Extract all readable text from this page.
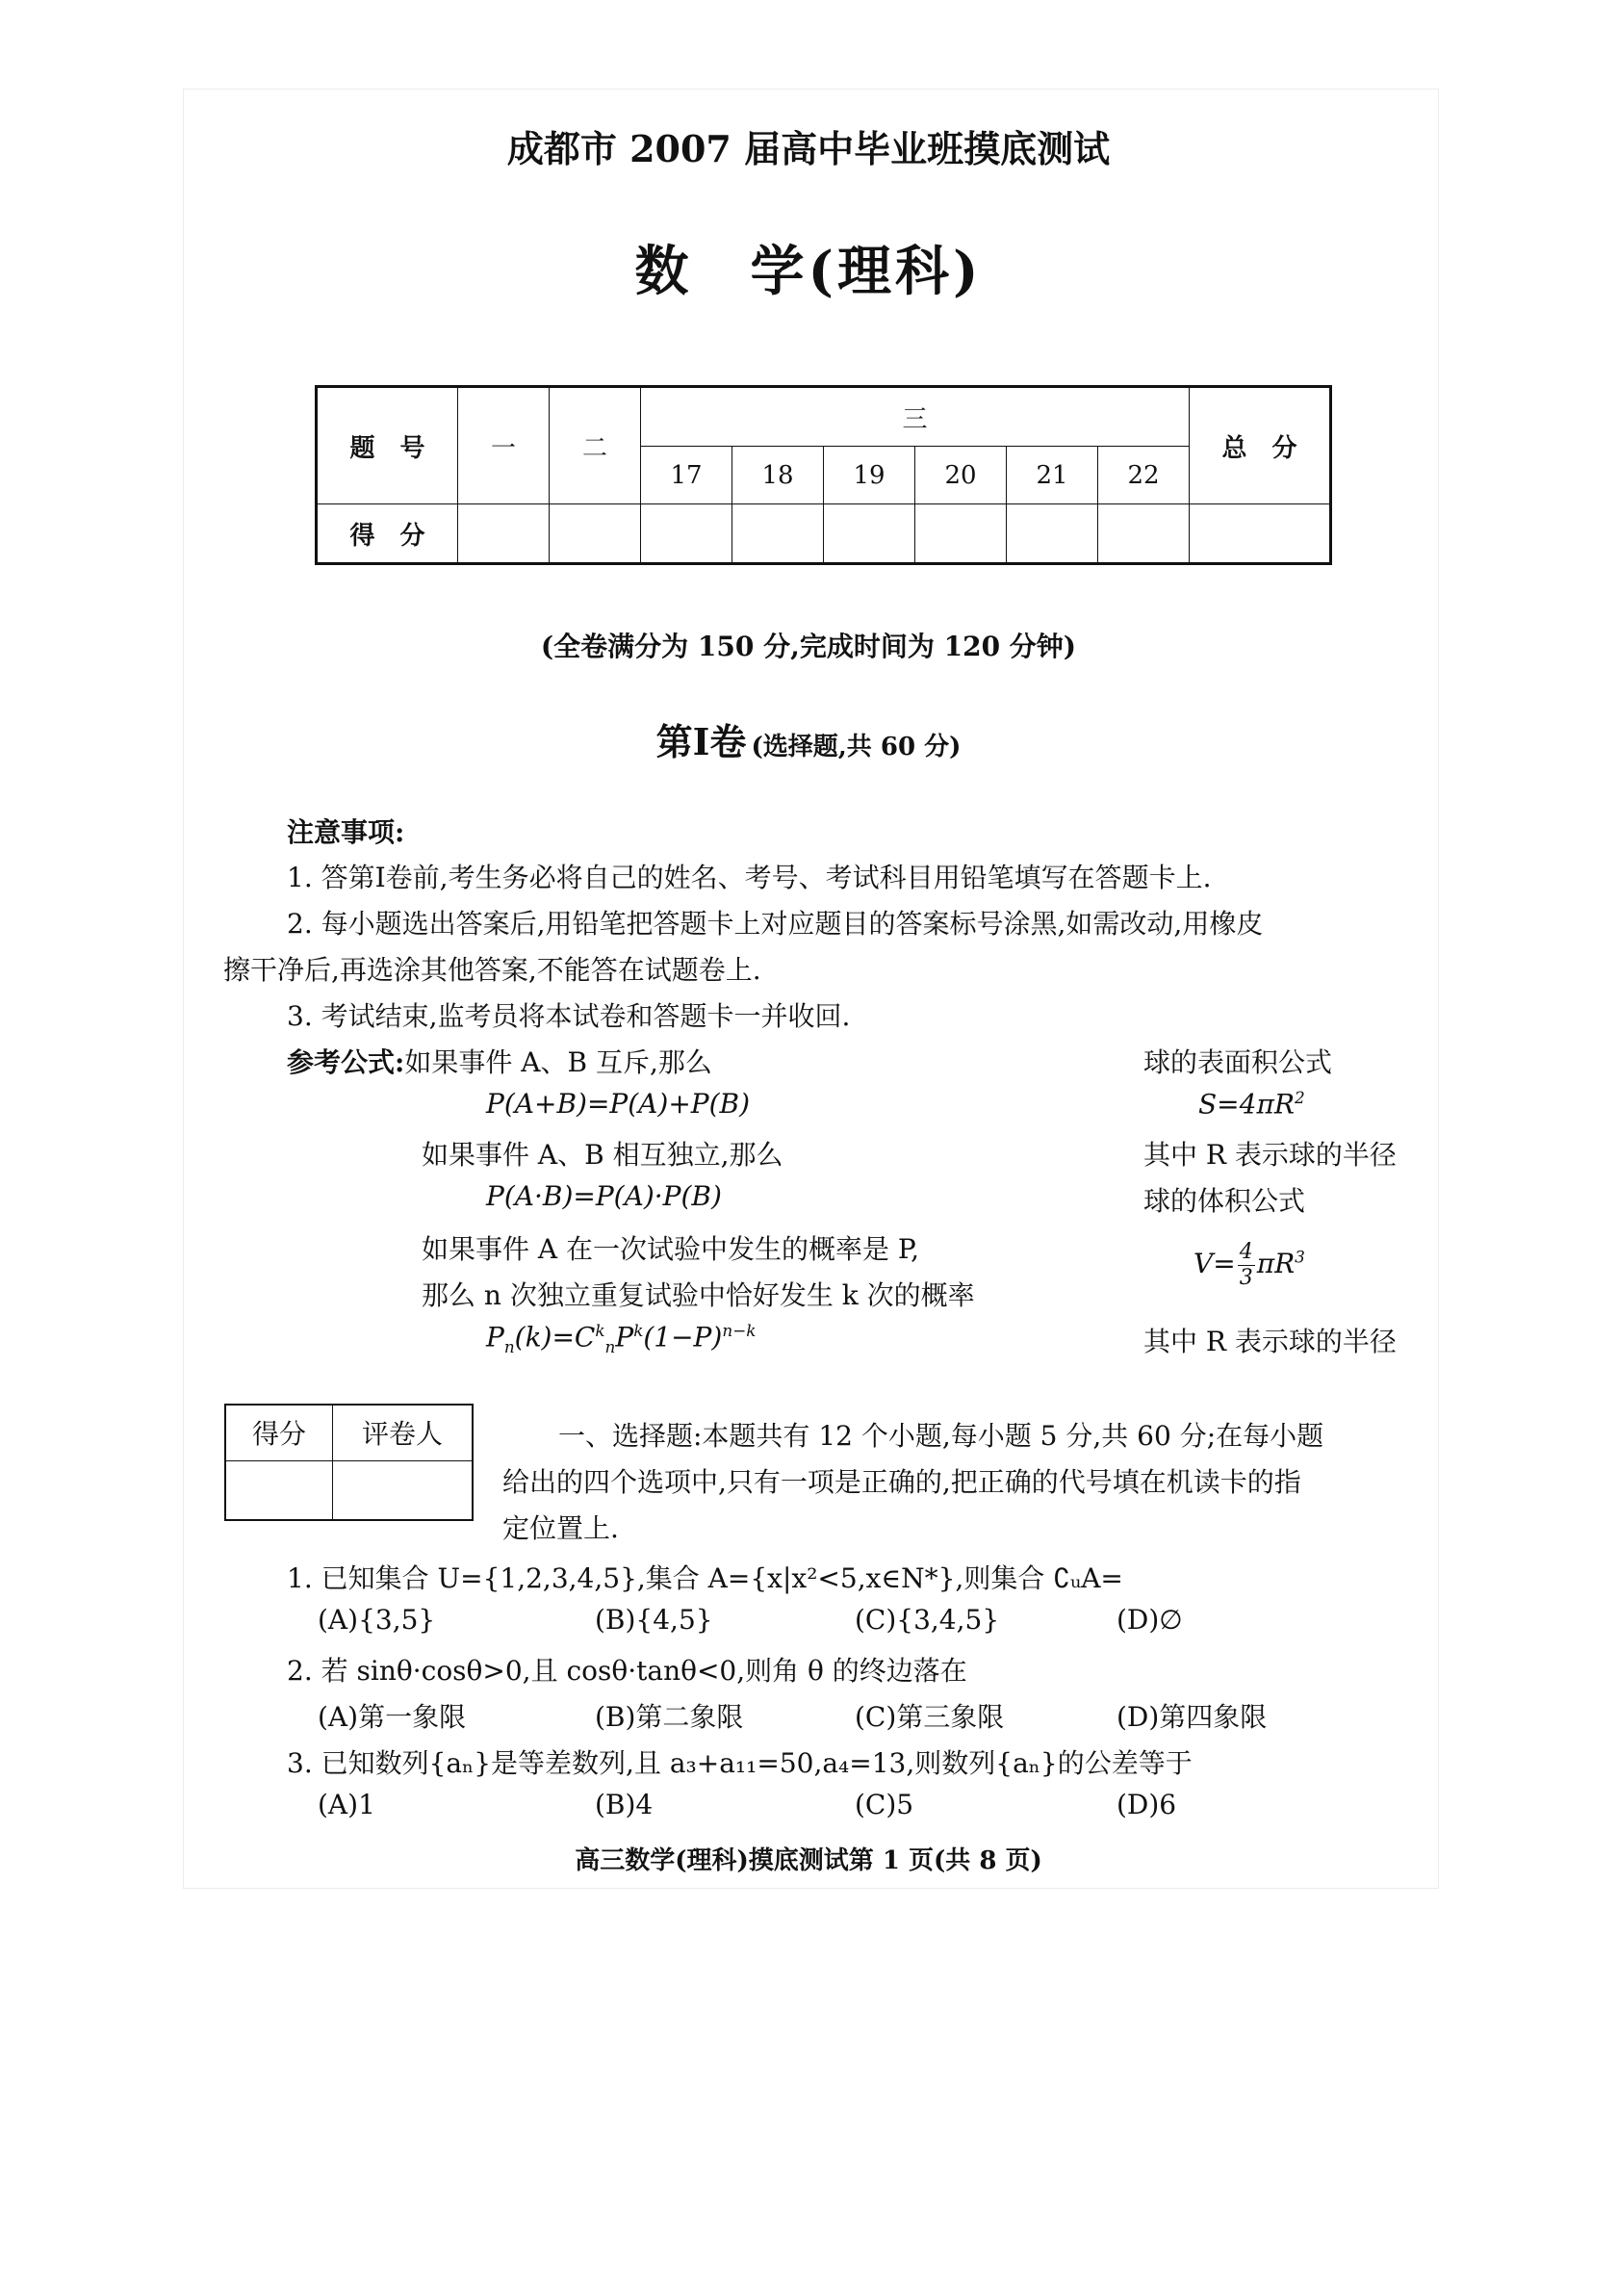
成都市 2007 届高中毕业班摸底测试
数　学(理科)
题　号	一	二	三						总　分
			17	18	19	20	21	22	
得　分									
(全卷满分为 150 分,完成时间为 120 分钟)
第Ⅰ卷 (选择题,共 60 分)
注意事项:
1. 答第Ⅰ卷前,考生务必将自己的姓名、考号、考试科目用铅笔填写在答题卡上.
2. 每小题选出答案后,用铅笔把答题卡上对应题目的答案标号涂黑,如需改动,用橡皮
擦干净后,再选涂其他答案,不能答在试题卷上.
3. 考试结束,监考员将本试卷和答题卡一并收回.
参考公式:如果事件 A、B 互斥,那么
P(A+B)=P(A)+P(B)
如果事件 A、B 相互独立,那么
P(A·B)=P(A)·P(B)
如果事件 A 在一次试验中发生的概率是 P,
那么 n 次独立重复试验中恰好发生 k 次的概率
$P_n(k)=C^k_nP^k(1-P)^{n-k}$
球的表面积公式
$S=4\pi R^2$
其中 R 表示球的半径
球的体积公式
$V= \frac{4}{3} \pi R^3$
其中 R 表示球的半径
得分	评卷人
		一、选择题:本题共有 12 个小题,每小题 5 分,共 60 分;在每小题
给出的四个选项中,只有一项是正确的,把正确的代号填在机读卡的指
定位置上.
1. 已知集合 U={1,2,3,4,5},集合 A={x|x²<5,x∈N*},则集合 ∁ᵤA=
(A){3,5}	(B){4,5}	(C){3,4,5}	(D)∅
2. 若 sinθ·cosθ>0,且 cosθ·tanθ<0,则角 θ 的终边落在
(A)第一象限	(B)第二象限	(C)第三象限	(D)第四象限
3. 已知数列{aₙ}是等差数列,且 a₃+a₁₁=50,a₄=13,则数列{aₙ}的公差等于
(A)1	(B)4	(C)5	(D)6
高三数学(理科)摸底测试第 1 页(共 8 页)
